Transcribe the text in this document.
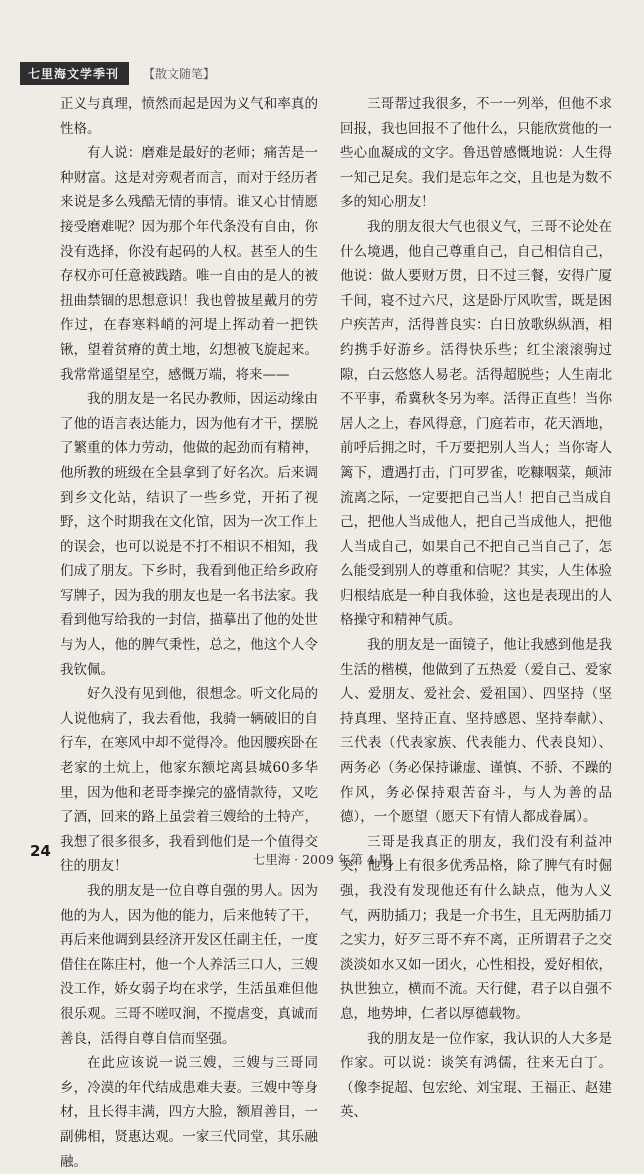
七里海文学季刊	【散文随笔】

正义与真理，愤然而起是因为义气和率真的性格。

有人说：磨难是最好的老师；痛苦是一种财富。这是对旁观者而言，而对于经历者来说是多么残酷无情的事情。谁又心甘情愿接受磨难呢？因为那个年代条没有自由，你没有选择，你没有起码的人权。甚至人的生存权亦可任意被践踏。唯一自由的是人的被扭曲禁锢的思想意识！我也曾披星戴月的劳作过，在春寒料峭的河堤上挥动着一把铁锹，望着贫瘠的黄土地，幻想被飞旋起来。我常常遥望星空，感慨万端，将来——

我的朋友是一名民办教师，因运动缘由了他的语言表达能力，因为他有才干，摆脱了繁重的体力劳动，他做的起劲而有精神，他所教的班级在全县拿到了好名次。后来调到乡文化站，结识了一些乡党，开拓了视野，这个时期我在文化馆，因为一次工作上的误会，也可以说是不打不相识不相知，我们成了朋友。下乡时，我看到他正给乡政府写牌子，因为我的朋友也是一名书法家。我看到他写给我的一封信，描摹出了他的处世与为人，他的脾气秉性，总之，他这个人令我钦佩。

好久没有见到他，很想念。听文化局的人说他病了，我去看他，我骑一辆破旧的自行车，在寒风中却不觉得冷。他因腰疾卧在老家的土炕上，他家东额坨离县城60多华里，因为他和老哥李操完的盛情款待，又吃了酒，回来的路上虽尝着三嫂给的土特产，我想了很多很多，我看到他们是一个值得交往的朋友！

我的朋友是一位自尊自强的男人。因为他的为人，因为他的能力，后来他转了干，再后来他调到县经济开发区任副主任，一度借住在陈庄村，他一个人养活三口人，三嫂没工作，娇女弱子均在求学，生活虽难但他很乐观。三哥不嗟叹涧，不搅虐变，真诚而善良，活得自尊自信而坚强。

在此应该说一说三嫂，三嫂与三哥同乡，冷漠的年代结成患难夫妻。三嫂中等身材，且长得丰满，四方大脸，额眉善目，一副佛相，贤惠达观。一家三代同堂，其乐融融。

三哥帮过我很多，不一一列举，但他不求回报，我也回报不了他什么，只能欣赏他的一些心血凝成的文字。鲁迅曾感慨地说：人生得一知己足矣。我们是忘年之交，且也是为数不多的知心朋友！

我的朋友很大气也很义气，三哥不论处在什么境遇，他自己尊重自己，自己相信自己，他说：做人要财万贯，日不过三餐，安得广厦千间，寝不过六尺，这是卧厅风吹雪，既是困户疾苦声，活得普良实：白日放歌纵纵酒，相约携手好游乡。活得快乐些；红尘滚滚驹过隙，白云悠悠人易老。活得超脱些；人生南北不平事，希冀秋冬另为率。活得正直些！当你居人之上，春风得意，门庭若市，花天酒地，前呼后拥之时，千万要把别人当人；当你寄人篱下，遭遇打击，门可罗雀，吃糠咽菜，颠沛流离之际，一定要把自己当人！把自己当成自己，把他人当成他人，把自己当成他人，把他人当成自己，如果自己不把自己当自己了，怎么能受到别人的尊重和信呢？其实，人生体验归根结底是一种自我体验，这也是表现出的人格操守和精神气质。

我的朋友是一面镜子，他让我感到他是我生活的楷模，他做到了五热爱（爱自己、爱家人、爱朋友、爱社会、爱祖国）、四坚持（坚持真理、坚持正直、坚持感恩、坚持奉献）、三代表（代表家族、代表能力、代表良知）、两务必（务必保持谦虚、谨慎、不骄、不躁的作风，务必保持艰苦奋斗，与人为善的品德），一个愿望（愿天下有情人都成眷属）。

三哥是我真正的朋友，我们没有利益冲突，他身上有很多优秀品格，除了脾气有时倔强，我没有发现他还有什么缺点，他为人义气，两肋插刀；我是一介书生，且无两肋插刀之实力，好歹三哥不弃不离，正所谓君子之交淡淡如水又如一团火，心性相投，爱好相依，执世独立，横而不流。天行健，君子以自强不息，地势坤，仁者以厚德载物。

我的朋友是一位作家，我认识的人大多是作家。可以说：谈笑有鸿儒，往来无白丁。（像李捉超、包宏纶、刘宝琨、王福正、赵建英、

24	七里海 · 2009 年第 4 期
